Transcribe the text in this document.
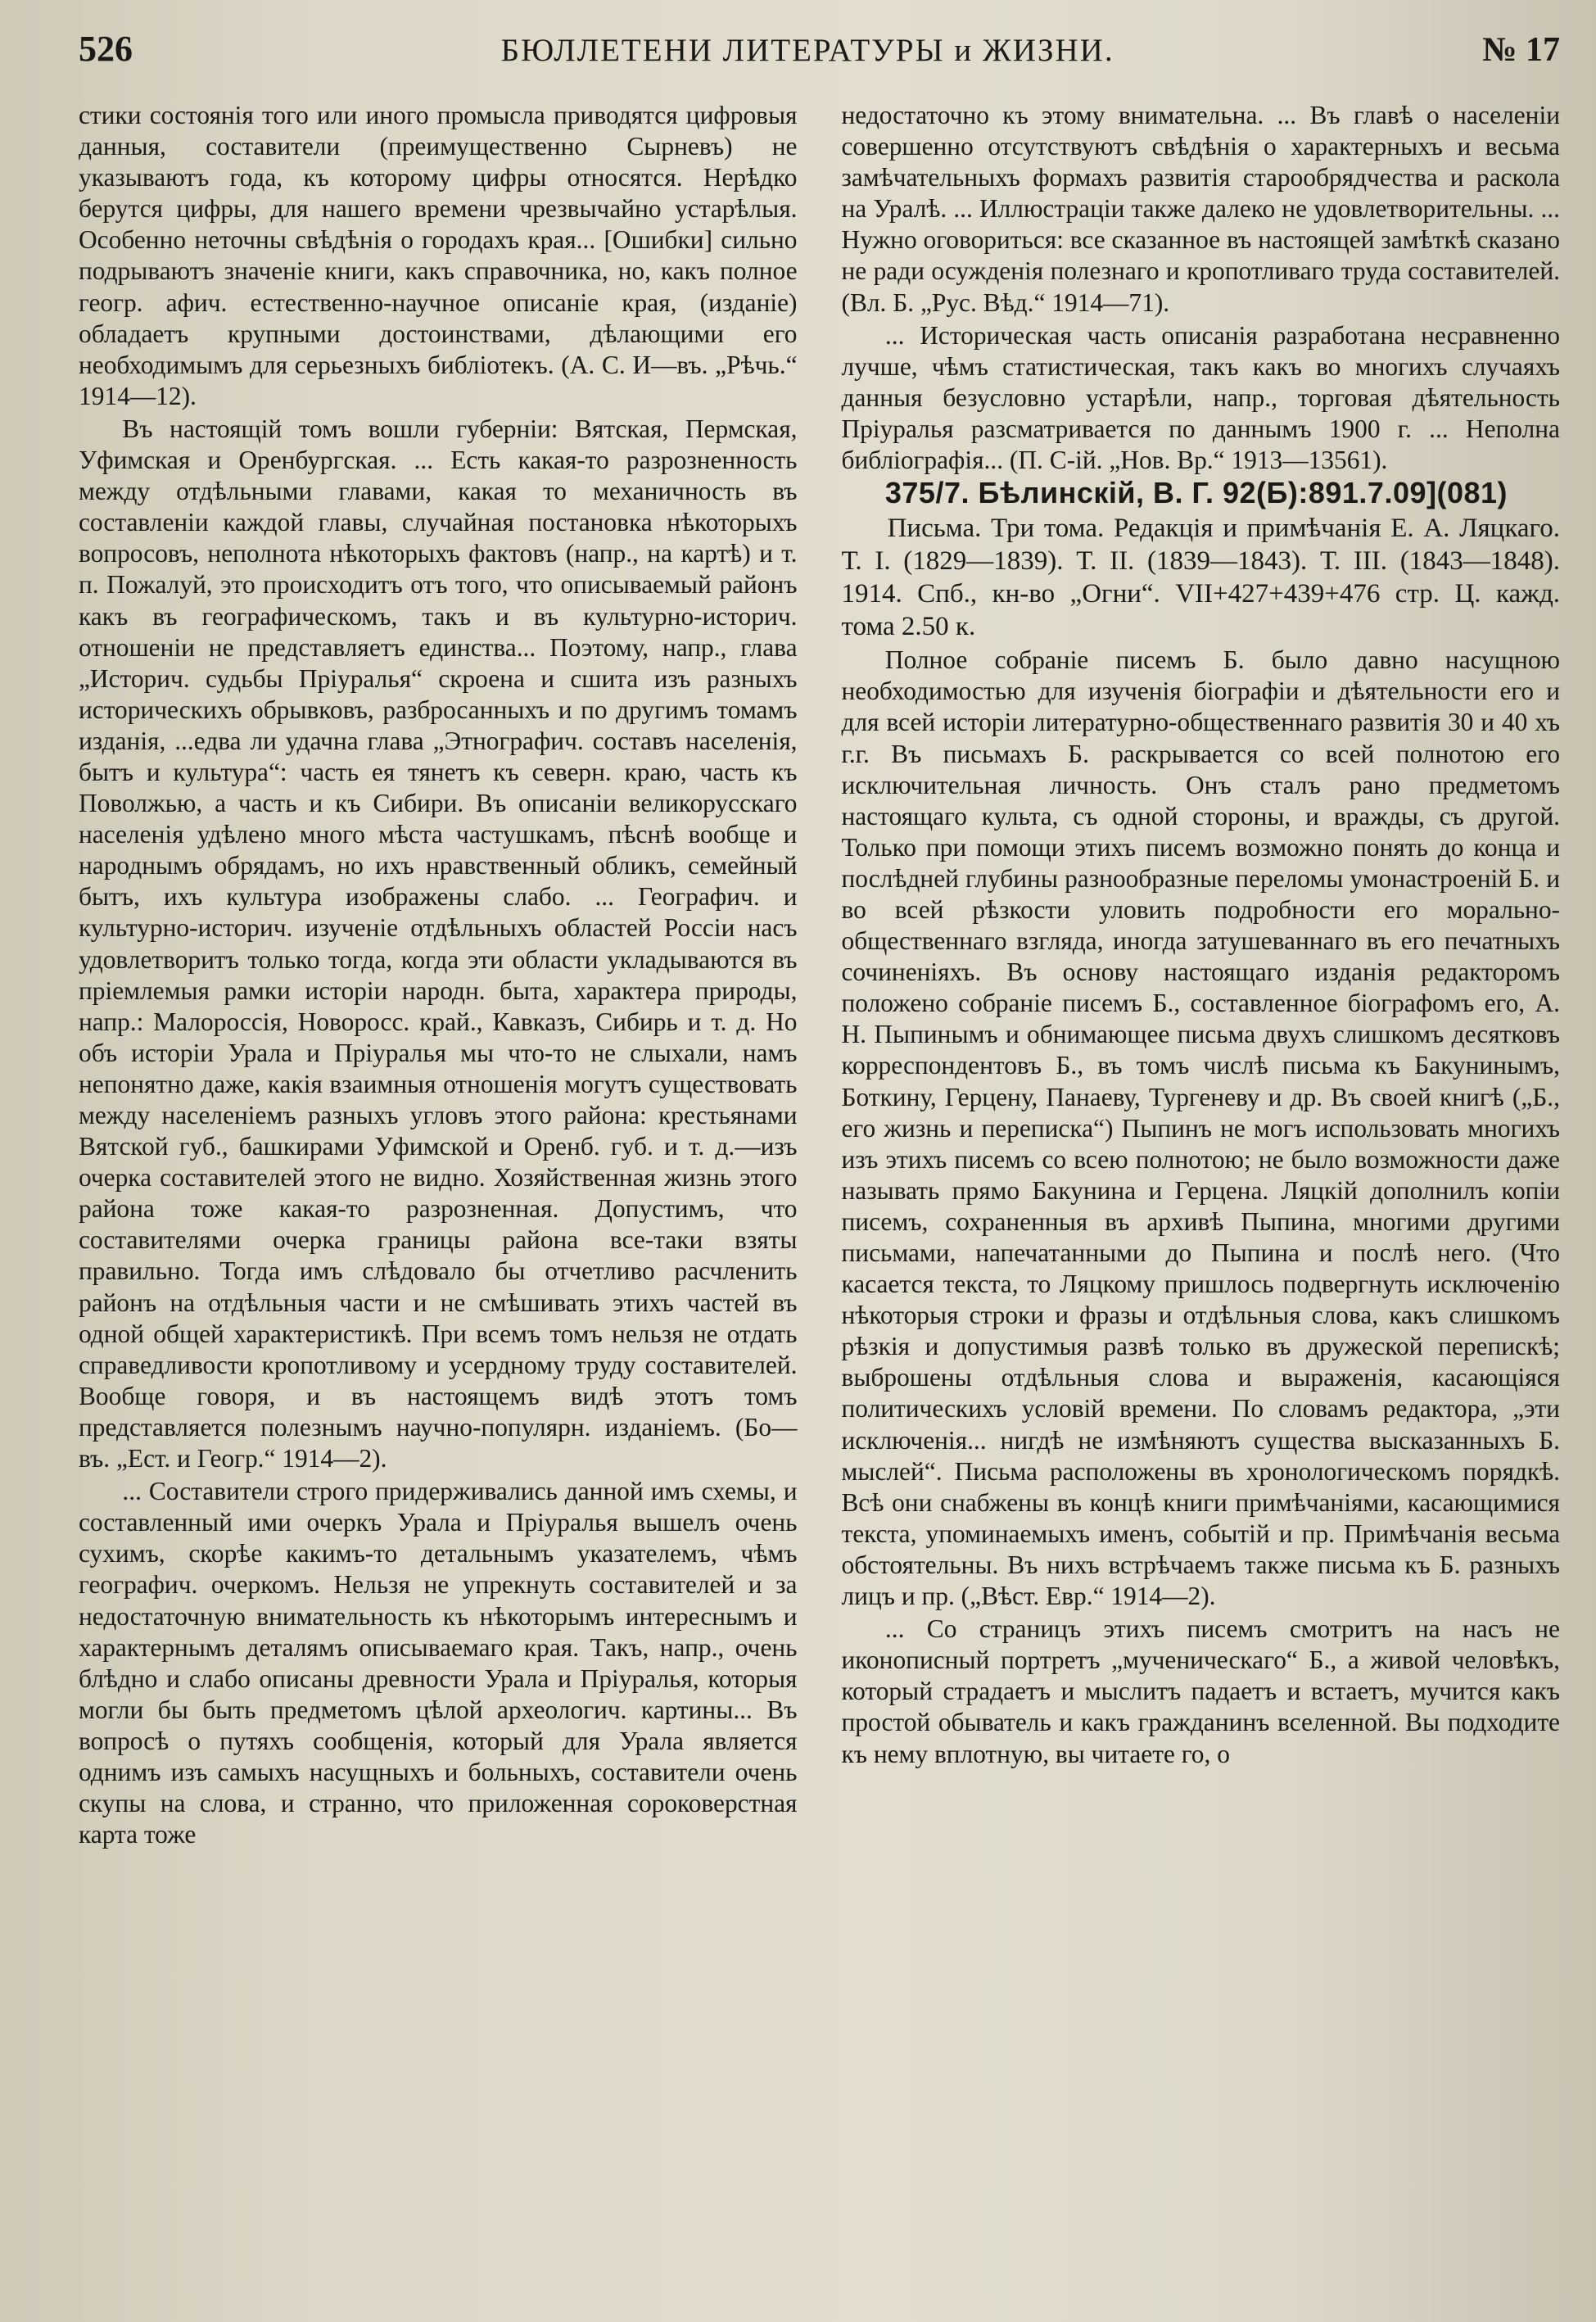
526	БЮЛЛЕТЕНИ ЛИТЕРАТУРЫ и ЖИЗНИ.	№ 17

стики состоянія того или иного промысла приводятся цифровыя данныя, составители (преимущественно Сырневъ) не указываютъ года, къ которому цифры относятся. Нерѣдко берутся цифры, для нашего времени чрезвычайно устарѣлыя. Особенно неточны свѣдѣнія о городахъ края... [Ошибки] сильно подрываютъ значеніе книги, какъ справочника, но, какъ полное геогр. афич. естественно-научное описаніе края, (изданіе) обладаетъ крупными достоинствами, дѣлающими его необходимымъ для серьезныхъ библіотекъ. (А. С. И—въ. „Рѣчь.“ 1914—12).

Въ настоящій томъ вошли губерніи: Вятская, Пермская, Уфимская и Оренбургская. ... Есть какая-то разрозненность между отдѣльными главами, какая то механичность въ составленіи каждой главы, случайная постановка нѣкоторыхъ вопросовъ, неполнота нѣкоторыхъ фактовъ (напр., на картѣ) и т. п. Пожалуй, это происходитъ отъ того, что описываемый районъ какъ въ географическомъ, такъ и въ культурно-историч. отношеніи не представляетъ единства... Поэтому, напр., глава „Историч. судьбы Пріуралья“ скроена и сшита изъ разныхъ историческихъ обрывковъ, разбросанныхъ и по другимъ томамъ изданія, ...едва ли удачна глава „Этнографич. составъ населенія, бытъ и культура“: часть ея тянетъ къ северн. краю, часть къ Поволжью, а часть и къ Сибири. Въ описаніи великорусскаго населенія удѣлено много мѣста частушкамъ, пѣснѣ вообще и народнымъ обрядамъ, но ихъ нравственный обликъ, семейный бытъ, ихъ культура изображены слабо. ... Географич. и культурно-историч. изученіе отдѣльныхъ областей Россіи насъ удовлетворитъ только тогда, когда эти области укладываются въ пріемлемыя рамки исторіи народн. быта, характера природы, напр.: Малороссія, Новоросс. край., Кавказъ, Сибирь и т. д. Но объ исторіи Урала и Пріуралья мы что-то не слыхали, намъ непонятно даже, какія взаимныя отношенія могутъ существовать между населеніемъ разныхъ угловъ этого района: крестьянами Вятской губ., башкирами Уфимской и Оренб. губ. и т. д.—изъ очерка составителей этого не видно. Хозяйственная жизнь этого района тоже какая-то разрозненная. Допустимъ, что составителями очерка границы района все-таки взяты правильно. Тогда имъ слѣдовало бы отчетливо расчленить районъ на отдѣльныя части и не смѣшивать этихъ частей въ одной общей характеристикѣ. При всемъ томъ нельзя не отдать справедливости кропотливому и усердному труду составителей. Вообще говоря, и въ настоящемъ видѣ этотъ томъ представляется полезнымъ научно-популярн. изданіемъ. (Бо—въ. „Ест. и Геогр.“ 1914—2).

... Составители строго придерживались данной имъ схемы, и составленный ими очеркъ Урала и Пріуралья вышелъ очень сухимъ, скорѣе какимъ-то детальнымъ указателемъ, чѣмъ географич. очеркомъ. Нельзя не упрекнуть составителей и за недостаточную внимательность къ нѣкоторымъ интереснымъ и характернымъ деталямъ описываемаго края. Такъ, напр., очень блѣдно и слабо описаны древности Урала и Пріуралья, которыя могли бы быть предметомъ цѣлой археологич. картины... Въ вопросѣ о путяхъ сообщенія, который для Урала является однимъ изъ самыхъ насущныхъ и больныхъ, составители очень скупы на слова, и странно, что приложенная сороковерстная карта тоже

недостаточно къ этому внимательна. ... Въ главѣ о населеніи совершенно отсутствуютъ свѣдѣнія о характерныхъ и весьма замѣчательныхъ формахъ развитія старообрядчества и раскола на Уралѣ. ... Иллюстраціи также далеко не удовлетворительны. ... Нужно оговориться: все сказанное въ настоящей замѣткѣ сказано не ради осужденія полезнаго и кропотливаго труда составителей. (Вл. Б. „Рус. Вѣд.“ 1914—71).

... Историческая часть описанія разработана несравненно лучше, чѣмъ статистическая, такъ какъ во многихъ случаяхъ данныя безусловно устарѣли, напр., торговая дѣятельность Пріуралья разсматривается по даннымъ 1900 г. ... Неполна библіографія... (П. С-ій. „Нов. Вр.“ 1913—13561).

375/7. Бѣлинскій, В. Г. 92(Б):891.7.09](081)

Письма. Три тома. Редакція и примѣчанія Е. А. Ляцкаго. Т. I. (1829—1839). Т. II. (1839—1843). Т. III. (1843—1848). 1914. Спб., кн-во „Огни“. VII+427+439+476 стр. Ц. кажд. тома 2.50 к.

Полное собраніе писемъ Б. было давно насущною необходимостью для изученія біографіи и дѣятельности его и для всей исторіи литературно-общественнаго развитія 30 и 40 хъ г.г. Въ письмахъ Б. раскрывается со всей полнотою его исключительная личность. Онъ сталъ рано предметомъ настоящаго культа, съ одной стороны, и вражды, съ другой. Только при помощи этихъ писемъ возможно понять до конца и послѣдней глубины разнообразные переломы умонастроеній Б. и во всей рѣзкости уловить подробности его морально-общественнаго взгляда, иногда затушеваннаго въ его печатныхъ сочиненіяхъ. Въ основу настоящаго изданія редакторомъ положено собраніе писемъ Б., составленное біографомъ его, А. Н. Пыпинымъ и обнимающее письма двухъ слишкомъ десятковъ корреспондентовъ Б., въ томъ числѣ письма къ Бакунинымъ, Боткину, Герцену, Панаеву, Тургеневу и др. Въ своей книгѣ („Б., его жизнь и переписка“) Пыпинъ не могъ использовать многихъ изъ этихъ писемъ со всею полнотою; не было возможности даже называть прямо Бакунина и Герцена. Ляцкій дополнилъ копіи писемъ, сохраненныя въ архивѣ Пыпина, многими другими письмами, напечатанными до Пыпина и послѣ него. (Что касается текста, то Ляцкому пришлось подвергнуть исключенію нѣкоторыя строки и фразы и отдѣльныя слова, какъ слишкомъ рѣзкія и допустимыя развѣ только въ дружеской перепискѣ; выброшены отдѣльныя слова и выраженія, касающіяся политическихъ условій времени. По словамъ редактора, „эти исключенія... нигдѣ не измѣняютъ существа высказанныхъ Б. мыслей“. Письма расположены въ хронологическомъ порядкѣ. Всѣ они снабжены въ концѣ книги примѣчаніями, касающимися текста, упоминаемыхъ именъ, событій и пр. Примѣчанія весьма обстоятельны. Въ нихъ встрѣчаемъ также письма къ Б. разныхъ лицъ и пр. („Вѣст. Евр.“ 1914—2).

... Со страницъ этихъ писемъ смотритъ на насъ не иконописный портретъ „мученическаго“ Б., а живой человѣкъ, который страдаетъ и мыслитъ падаетъ и встаетъ, мучится какъ простой обыватель и какъ гражданинъ вселенной. Вы подходите къ нему вплотную, вы читаете го, о
